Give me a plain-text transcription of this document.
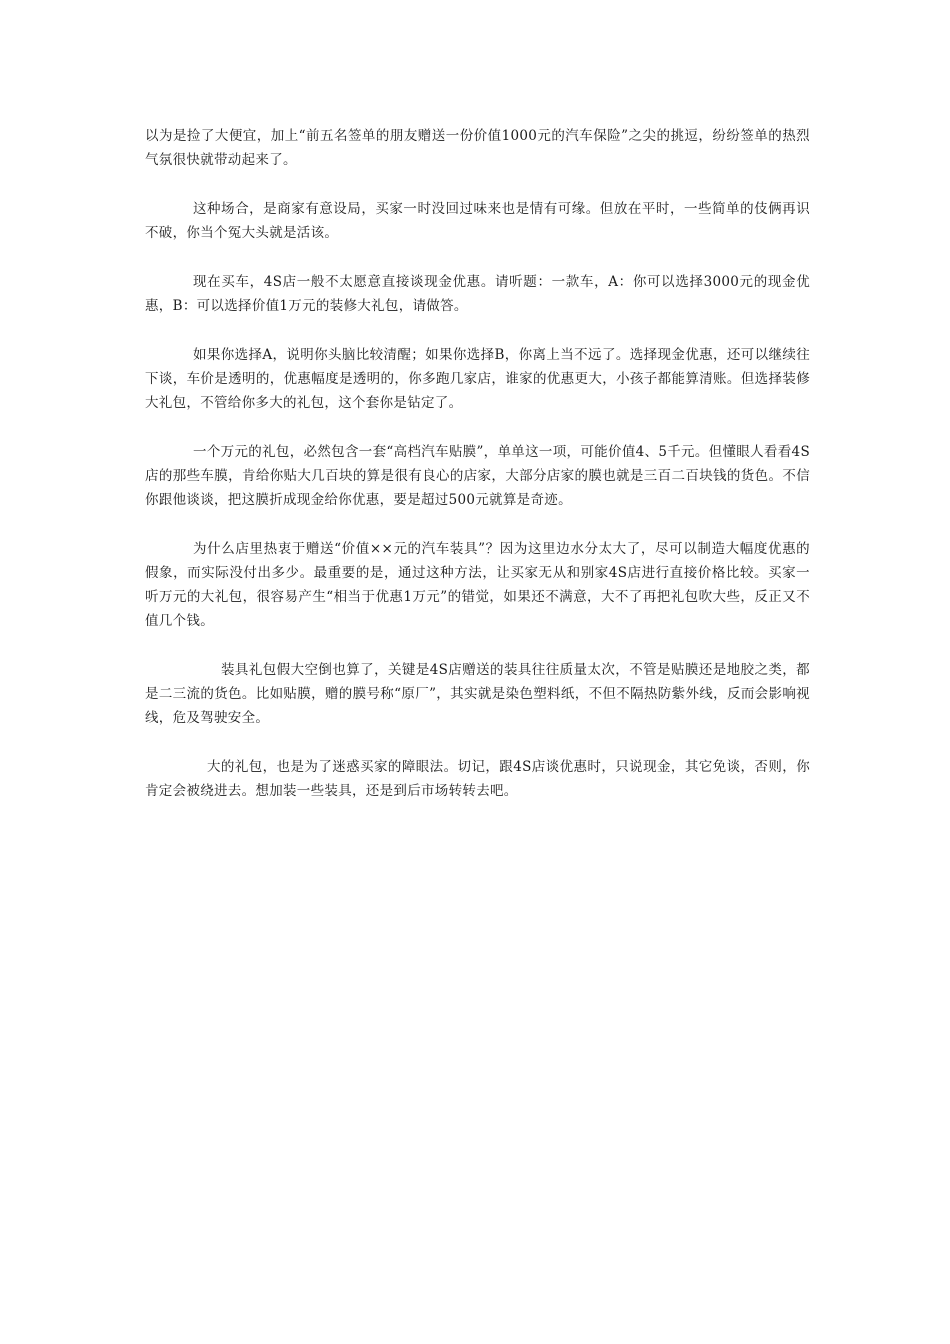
以为是捡了大便宜，加上“前五名签单的朋友赠送一份价值1000元的汽车保险”之尖的挑逗，纷纷签单的热烈气氛很快就带动起来了。

这种场合，是商家有意设局，买家一时没回过味来也是情有可缘。但放在平时，一些简单的伎俩再识不破，你当个冤大头就是活该。

现在买车，4S店一般不太愿意直接谈现金优惠。请听题：一款车，A：你可以选择3000元的现金优惠，B：可以选择价值1万元的装修大礼包，请做答。

如果你选择A，说明你头脑比较清醒；如果你选择B，你离上当不远了。选择现金优惠，还可以继续往下谈，车价是透明的，优惠幅度是透明的，你多跑几家店，谁家的优惠更大，小孩子都能算清账。但选择装修大礼包，不管给你多大的礼包，这个套你是钻定了。

一个万元的礼包，必然包含一套“高档汽车贴膜”，单单这一项，可能价值4、5千元。但懂眼人看看4S店的那些车膜，肯给你贴大几百块的算是很有良心的店家，大部分店家的膜也就是三百二百块钱的货色。不信你跟他谈谈，把这膜折成现金给你优惠，要是超过500元就算是奇迹。

为什么店里热衷于赠送“价值××元的汽车装具”？因为这里边水分太大了，尽可以制造大幅度优惠的假象，而实际没付出多少。最重要的是，通过这种方法，让买家无从和别家4S店进行直接价格比较。买家一听万元的大礼包，很容易产生“相当于优惠1万元”的错觉，如果还不满意，大不了再把礼包吹大些，反正又不值几个钱。

装具礼包假大空倒也算了，关键是4S店赠送的装具往往质量太次，不管是贴膜还是地胶之类，都是二三流的货色。比如贴膜，赠的膜号称“原厂”，其实就是染色塑料纸，不但不隔热防紫外线，反而会影响视线，危及驾驶安全。

大的礼包，也是为了迷惑买家的障眼法。切记，跟4S店谈优惠时，只说现金，其它免谈，否则，你肯定会被绕进去。想加装一些装具，还是到后市场转转去吧。
